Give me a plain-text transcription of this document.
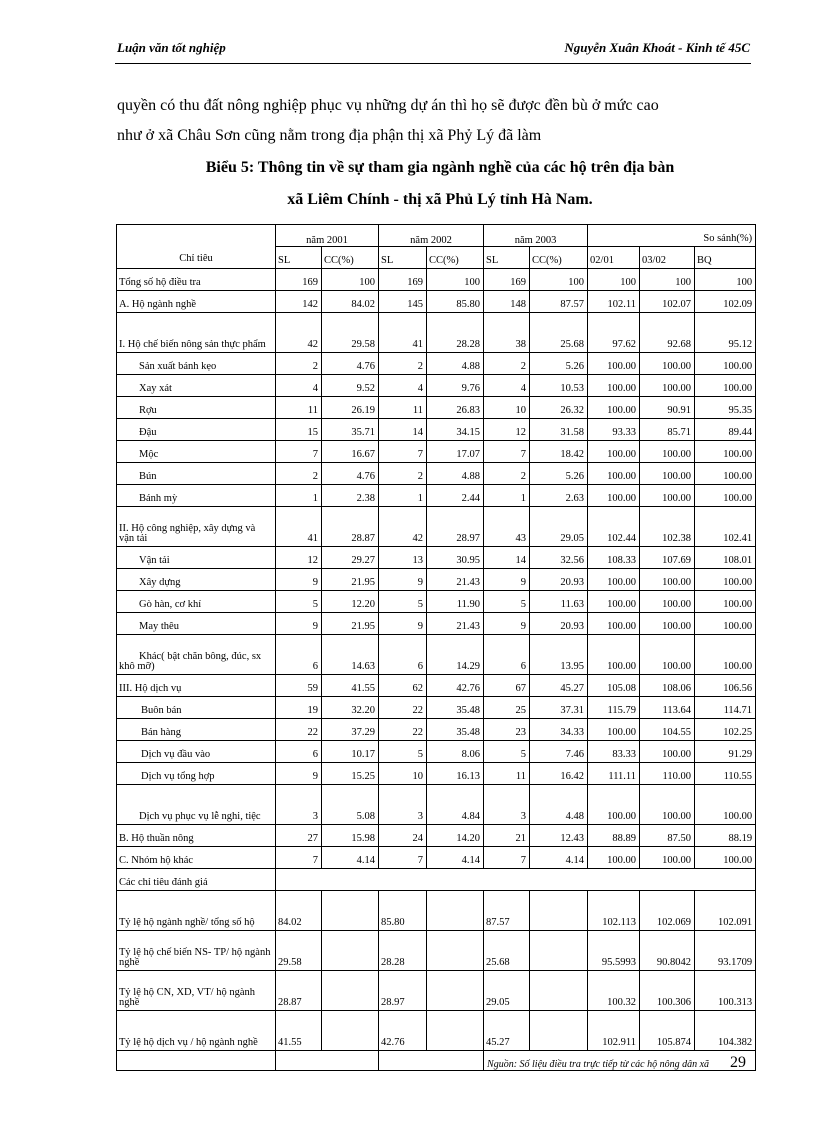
Luận văn tốt nghiệp	Nguyễn Xuân Khoát - Kinh tế 45C
quyền có thu đất nông nghiệp phục vụ những dự án thì họ sẽ được đền bù ở mức cao
như ở xã Châu Sơn cũng nằm trong địa phận thị xã Phỷ Lý đã làm
Biểu 5: Thông tin về sự tham gia ngành nghề của các hộ trên địa bàn
xã Liêm Chính - thị xã Phủ Lý tỉnh Hà Nam.
Chỉ tiêu	năm 2001		năm 2002		năm 2003		So sánh(%)		
	SL	CC(%)	SL	CC(%)	SL	CC(%)	02/01	03/02	BQ
Tổng số hộ điều tra	169	100	169	100	169	100	100	100	100
A. Hộ ngành nghề	142	84.02	145	85.80	148	87.57	102.11	102.07	102.09
I. Hộ chế biến nông sản thực phẩm	42	29.58	41	28.28	38	25.68	97.62	92.68	95.12
Sản xuất bánh kẹo	2	4.76	2	4.88	2	5.26	100.00	100.00	100.00
Xay xát	4	9.52	4	9.76	4	10.53	100.00	100.00	100.00
Rợu	11	26.19	11	26.83	10	26.32	100.00	90.91	95.35
Đậu	15	35.71	14	34.15	12	31.58	93.33	85.71	89.44
Mộc	7	16.67	7	17.07	7	18.42	100.00	100.00	100.00
Bún	2	4.76	2	4.88	2	5.26	100.00	100.00	100.00
Bánh mỳ	1	2.38	1	2.44	1	2.63	100.00	100.00	100.00
II. Hộ công nghiệp, xây dựng và vận tải	41	28.87	42	28.97	43	29.05	102.44	102.38	102.41
Vận tải	12	29.27	13	30.95	14	32.56	108.33	107.69	108.01
Xây dựng	9	21.95	9	21.43	9	20.93	100.00	100.00	100.00
Gò hàn, cơ khí	5	12.20	5	11.90	5	11.63	100.00	100.00	100.00
May thêu	9	21.95	9	21.43	9	20.93	100.00	100.00	100.00
Khác( bật chăn bông, đúc, sx khô mỡ)	6	14.63	6	14.29	6	13.95	100.00	100.00	100.00
III. Hộ dịch vụ	59	41.55	62	42.76	67	45.27	105.08	108.06	106.56
Buôn bán	19	32.20	22	35.48	25	37.31	115.79	113.64	114.71
Bán hàng	22	37.29	22	35.48	23	34.33	100.00	104.55	102.25
Dịch vụ đầu vào	6	10.17	5	8.06	5	7.46	83.33	100.00	91.29
Dịch vụ tổng hợp	9	15.25	10	16.13	11	16.42	111.11	110.00	110.55
Dịch vụ phục vụ lễ nghi, tiệc	3	5.08	3	4.84	3	4.48	100.00	100.00	100.00
B. Hộ thuần nông	27	15.98	24	14.20	21	12.43	88.89	87.50	88.19
C. Nhóm hộ khác	7	4.14	7	4.14	7	4.14	100.00	100.00	100.00
Các chỉ tiêu đánh giá									
Tỷ lệ hộ ngành nghề/ tổng số hộ	84.02		85.80		87.57		102.113	102.069	102.091
Tỷ lệ hộ chế biến NS- TP/ hộ ngành nghề	29.58		28.28		25.68		95.5993	90.8042	93.1709
Tỷ lệ hộ CN, XD, VT/ hộ ngành nghề	28.87		28.97		29.05		100.32	100.306	100.313
Tỷ lệ hộ dịch vụ / hộ ngành nghề	41.55		42.76		45.27		102.911	105.874	104.382
					Nguồn: Số liệu điều tra trực tiếp từ các hộ nông dân xã				29
